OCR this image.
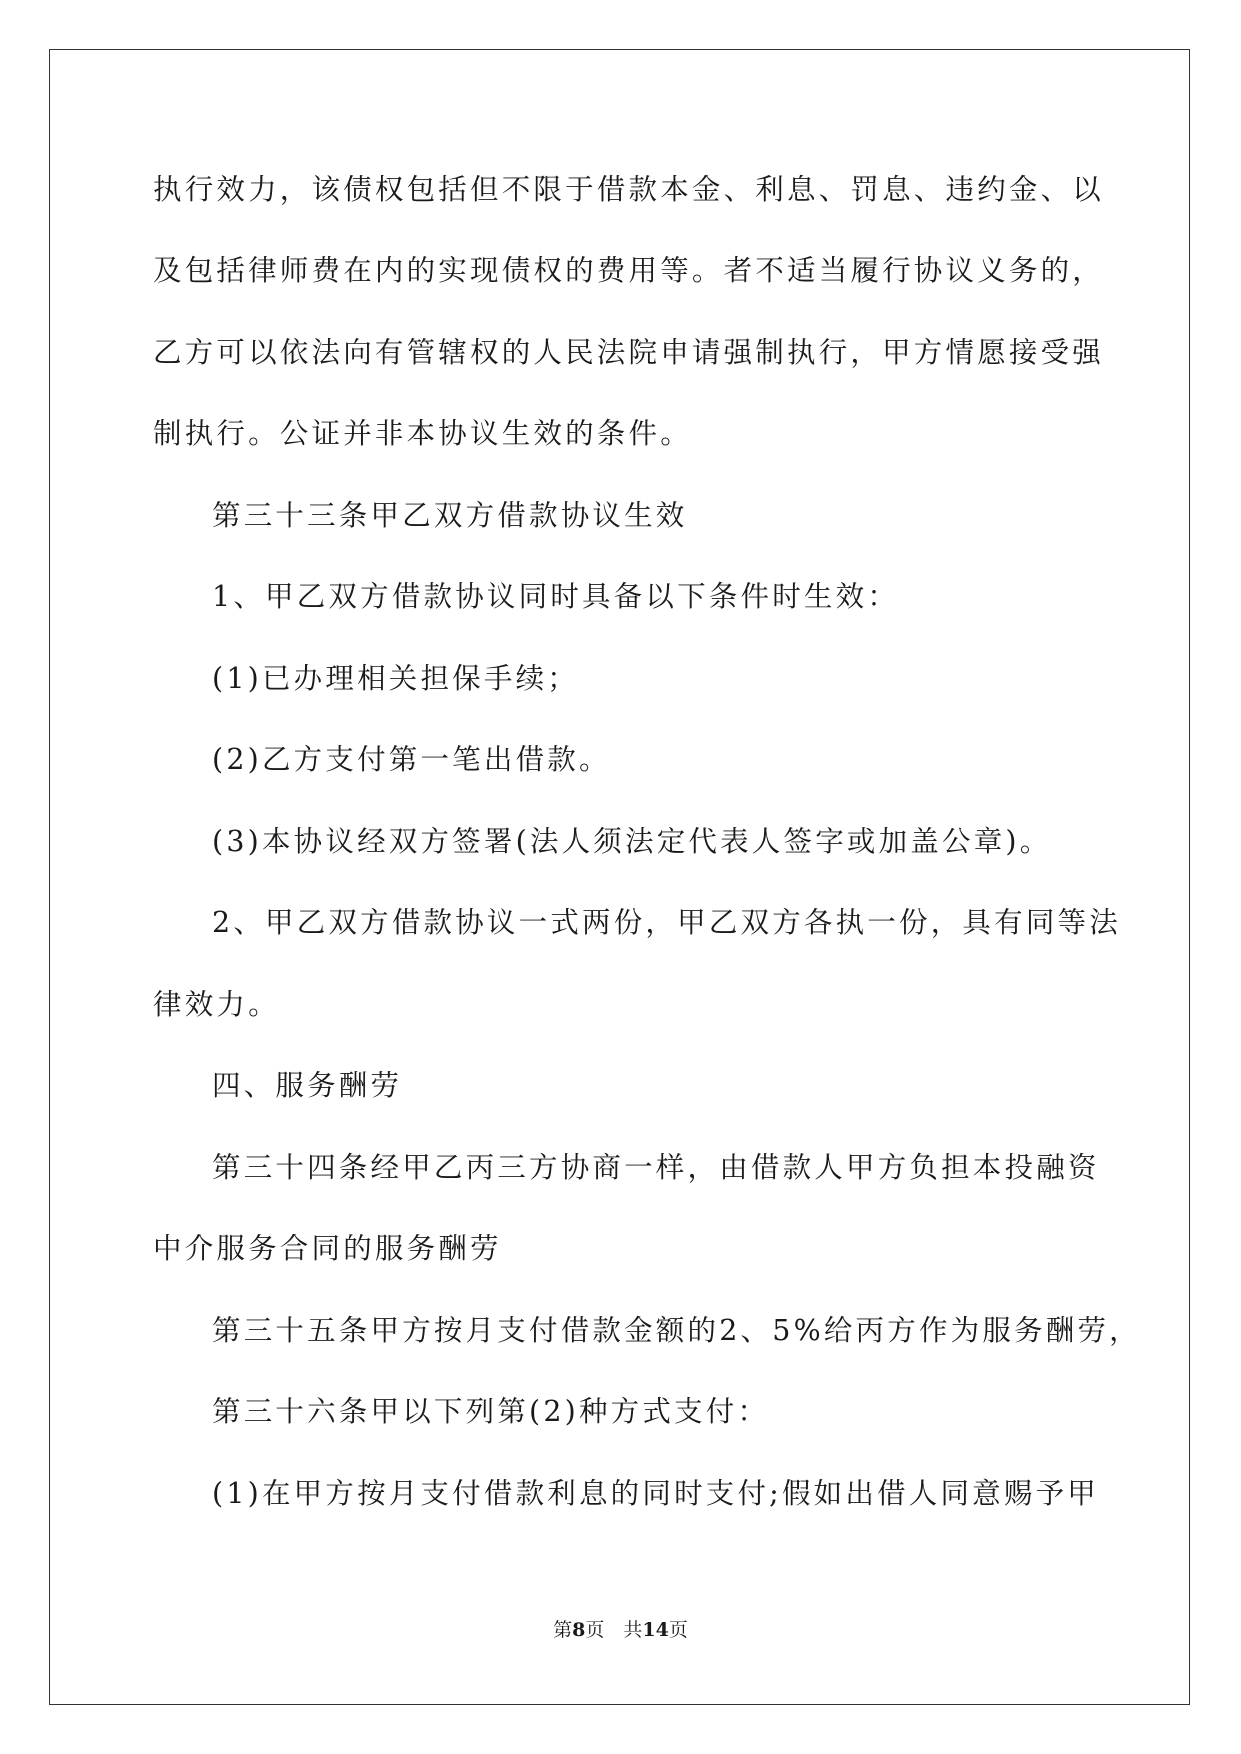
执行效力，该债权包括但不限于借款本金、利息、罚息、违约金、以
及包括律师费在内的实现债权的费用等。者不适当履行协议义务的，
乙方可以依法向有管辖权的人民法院申请强制执行，甲方情愿接受强
制执行。公证并非本协议生效的条件。
第三十三条甲乙双方借款协议生效
1、甲乙双方借款协议同时具备以下条件时生效：
(1)已办理相关担保手续；
(2)乙方支付第一笔出借款。
(3)本协议经双方签署(法人须法定代表人签字或加盖公章)。
2、甲乙双方借款协议一式两份，甲乙双方各执一份，具有同等法
律效力。
四、服务酬劳
第三十四条经甲乙丙三方协商一样，由借款人甲方负担本投融资
中介服务合同的服务酬劳
第三十五条甲方按月支付借款金额的2、5%给丙方作为服务酬劳，
第三十六条甲以下列第(2)种方式支付：
(1)在甲方按月支付借款利息的同时支付;假如出借人同意赐予甲
第8页　共14页
